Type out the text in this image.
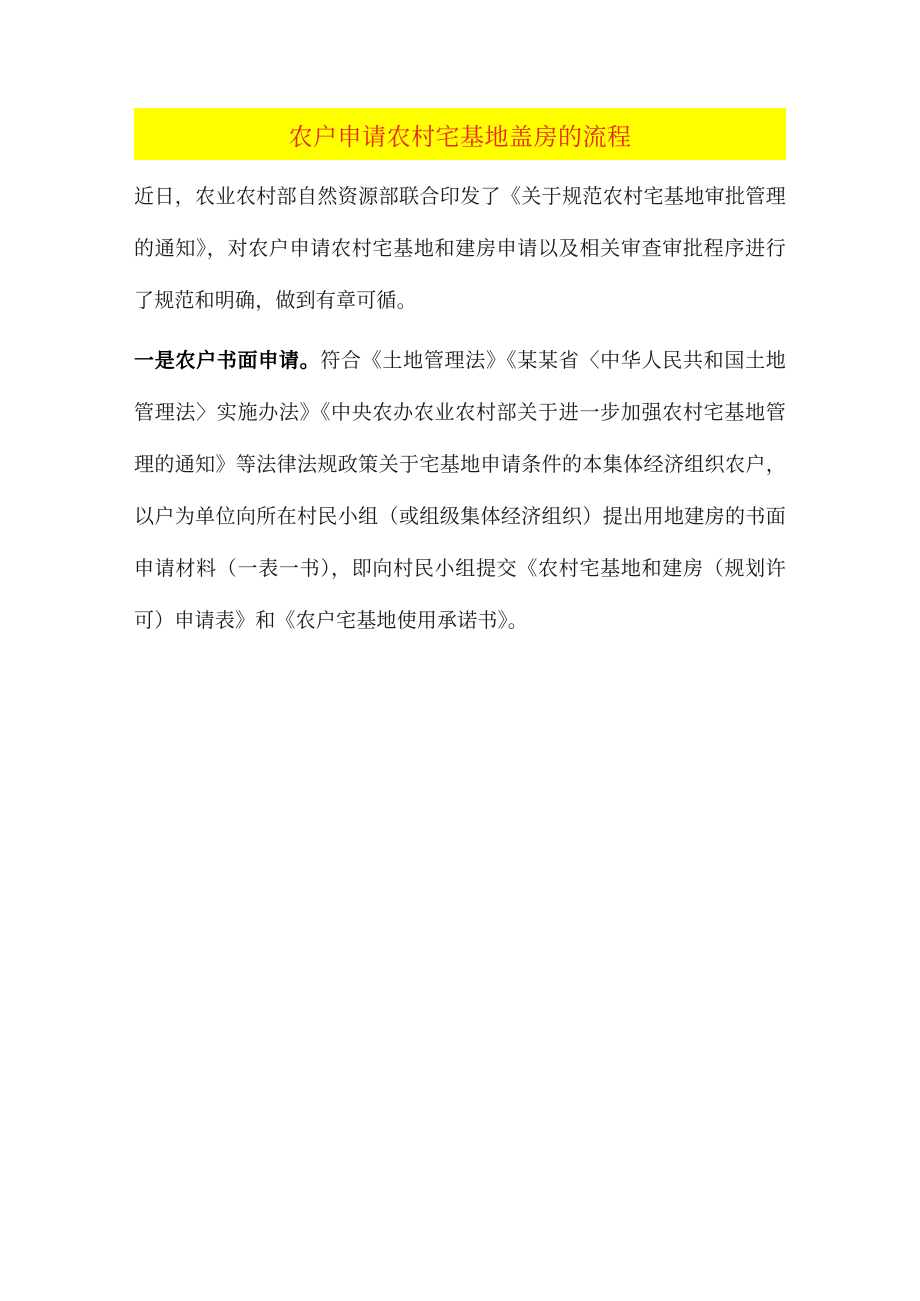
农户申请农村宅基地盖房的流程

近日，农业农村部自然资源部联合印发了《关于规范农村宅基地审批管理的通知》，对农户申请农村宅基地和建房申请以及相关审查审批程序进行了规范和明确，做到有章可循。

一是农户书面申请。符合《土地管理法》《某某省〈中华人民共和国土地管理法〉实施办法》《中央农办农业农村部关于进一步加强农村宅基地管理的通知》等法律法规政策关于宅基地申请条件的本集体经济组织农户，以户为单位向所在村民小组（或组级集体经济组织）提出用地建房的书面申请材料（一表一书），即向村民小组提交《农村宅基地和建房（规划许可）申请表》和《农户宅基地使用承诺书》。
